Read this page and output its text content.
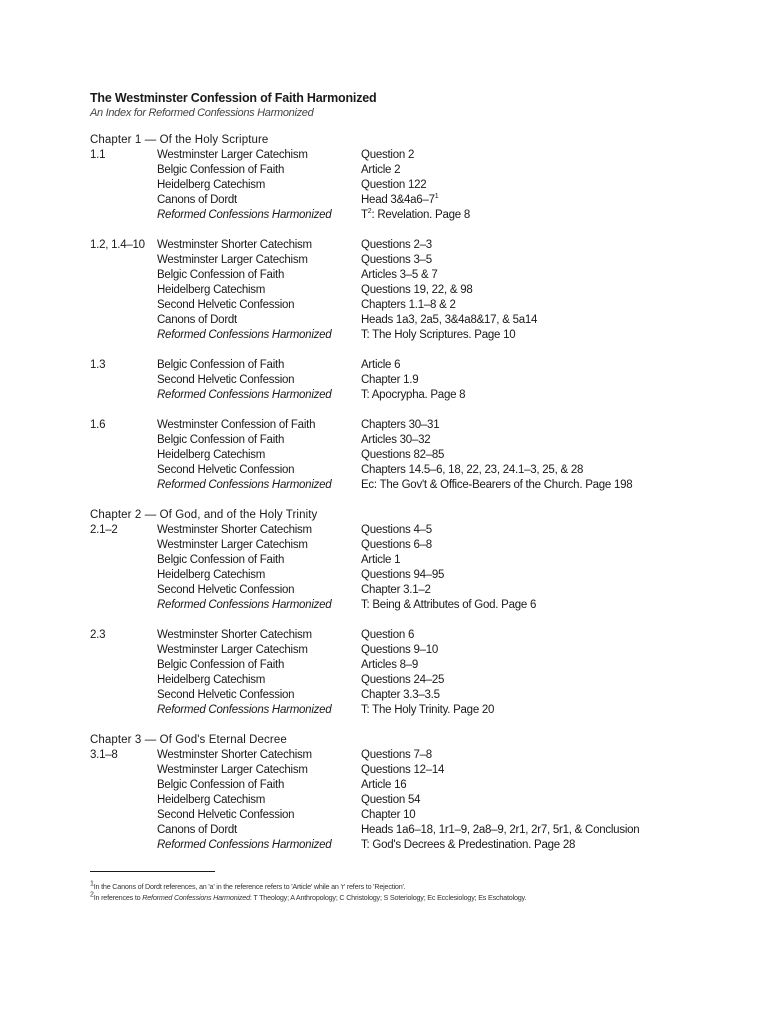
The Westminster Confession of Faith Harmonized
An Index for Reformed Confessions Harmonized
Chapter 1 — Of the Holy Scripture
1.1	Westminster Larger Catechism	Question 2
Belgic Confession of Faith	Article 2
Heidelberg Catechism	Question 122
Canons of Dordt	Head $3\&4a6-7^1$
Reformed Confessions Harmonized	$T^2$: Revelation. Page 8
1.2, 1.4–10 Westminster Shorter Catechism	Questions 2–3
Westminster Larger Catechism	Questions 3–5
Belgic Confession of Faith	Articles 3–5 & 7
Heidelberg Catechism	Questions 19, 22, & 98
Second Helvetic Confession	Chapters 1.1–8 & 2
Canons of Dordt	Heads 1a3, 2a5, 3&4a8&17, & 5a14
Reformed Confessions Harmonized	T: The Holy Scriptures. Page 10
1.3	Belgic Confession of Faith	Article 6
Second Helvetic Confession	Chapter 1.9
Reformed Confessions Harmonized	T: Apocrypha. Page 8
1.6	Westminster Confession of Faith	Chapters 30–31
Belgic Confession of Faith	Articles 30–32
Heidelberg Catechism	Questions 82–85
Second Helvetic Confession	Chapters 14.5–6, 18, 22, 23, 24.1–3, 25, & 28
Reformed Confessions Harmonized	Ec: The Gov't & Office-Bearers of the Church. Page 198
Chapter 2 — Of God, and of the Holy Trinity
2.1–2	Westminster Shorter Catechism	Questions 4–5
Westminster Larger Catechism	Questions 6–8
Belgic Confession of Faith	Article 1
Heidelberg Catechism	Questions 94–95
Second Helvetic Confession	Chapter 3.1–2
Reformed Confessions Harmonized	T: Being & Attributes of God. Page 6
2.3	Westminster Shorter Catechism	Question 6
Westminster Larger Catechism	Questions 9–10
Belgic Confession of Faith	Articles 8–9
Heidelberg Catechism	Questions 24–25
Second Helvetic Confession	Chapter 3.3–3.5
Reformed Confessions Harmonized	T: The Holy Trinity. Page 20
Chapter 3 — Of God's Eternal Decree
3.1–8	Westminster Shorter Catechism	Questions 7–8
Westminster Larger Catechism	Questions 12–14
Belgic Confession of Faith	Article 16
Heidelberg Catechism	Question 54
Second Helvetic Confession	Chapter 10
Canons of Dordt	Heads 1a6–18, 1r1–9, 2a8–9, 2r1, 2r7, 5r1, & Conclusion
Reformed Confessions Harmonized	T: God's Decrees & Predestination. Page 28
$^1$In the Canons of Dordt references, an 'a' in the reference refers to 'Article' while an 'r' refers to 'Rejection'.
$^2$In references to Reformed Confessions Harmonized: T Theology; A Anthropology; C Christology; S Soteriology; Ec Ecclesiology; Es Eschatology.
